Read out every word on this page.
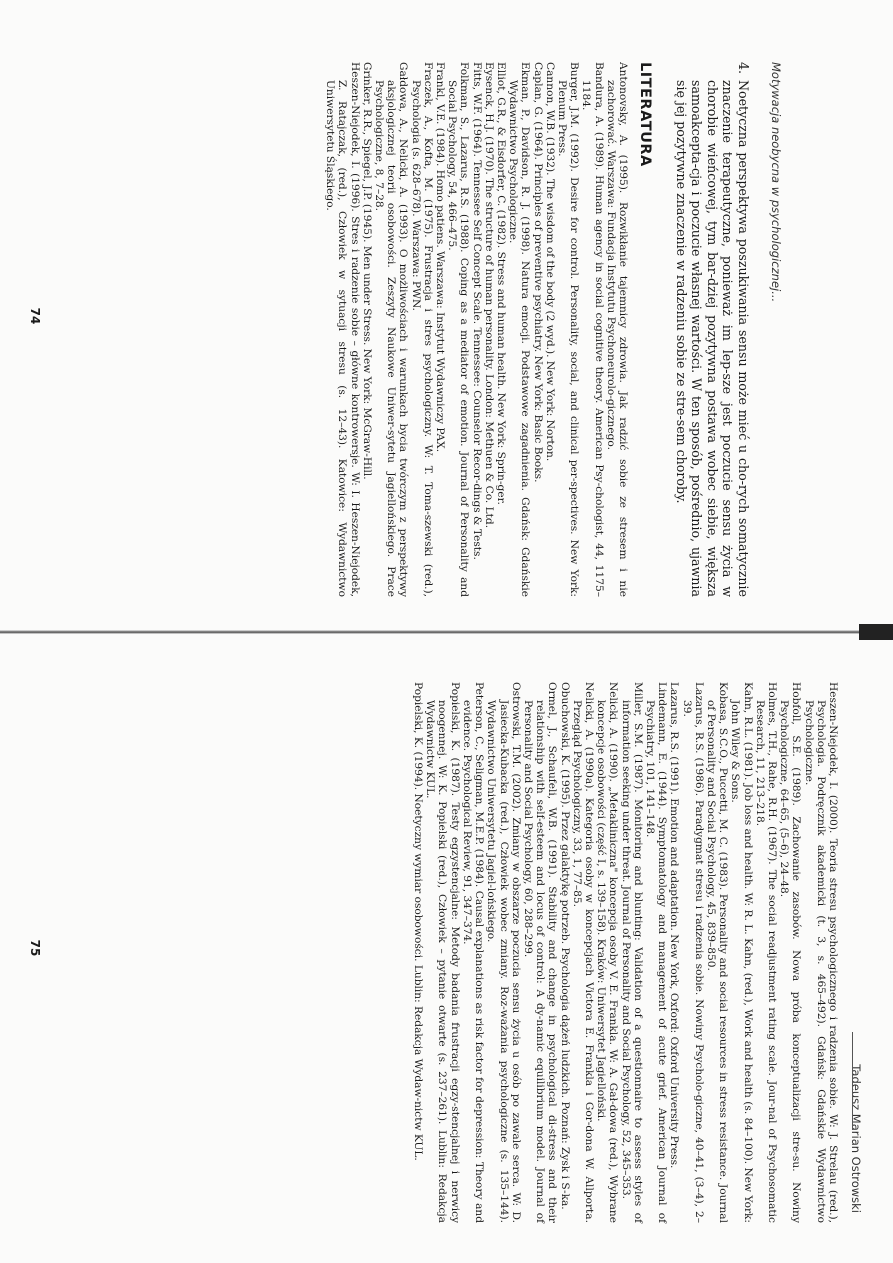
Motywacja neobycna w psychologicznej...
4.
Noetyczna perspektywa poszukiwania sensu może mieć u cho-rych somatycznie znaczenie terapeutyczne, ponieważ im lep-sze jest poczucie sensu życia w chorobie wieńcowej, tym bar-dziej pozytywna postawa wobec siebie, większa samoakcepta-cja i poczucie własnej wartości. W ten sposób, pośrednio, ujawnia się jej pozytywne znaczenie w radzeniu sobie ze stre-sem choroby.
LITERATURA

Antonovsky, A. (1995). Rozwikłanie tajemnicy zdrowia. Jak radzić sobie ze stresem i nie zachorować. Warszawa: Fundacja Instytutu Psychoneurolo-gicznego.

Bandura, A. (1989). Human agency in social cognitive theory. American Psy-chologist, 44, 1175–1184.

Burger, J.M. (1992). Desire for control. Personality, social, and clinical per-spectives. New York: Plenum Press.

Cannon, W.B. (1932). The wisdom of the body (2 wyd.). New York: Norton.

Caplan, G. (1964). Principles of preventive psychiatry. New York: Basic Books.

Ekman, P., Davidson, R. J. (1998). Natura emocji. Podstawowe zagadnienia. Gdańsk: Gdańskie Wydawnictwo Psychologiczne.

Elliot, G.R., & Eisdorfer, C. (1982). Stress and human health. New York: Sprin-ger.

Eysenck, H.J. (1970). The structure of human personality. London: Methuen & Co. Ltd.

Fitts, W.F. (1964). Tennessee Self Concept Scale. Tennessee: Counselor Recor-dings & Tests.

Folkman, S., Lazarus, R.S. (1988). Coping as a mediator of emotion. Journal of Personality and Social Psychology, 54, 466–475.

Frankl, V.E. (1984). Homo patiens. Warszawa: Instytut Wydawniczy PAX.

Fraczek, A., Kofta, M. (1975). Frustracja i stres psychologiczny. W: T. Toma-szewski (red.), Psychologia (s. 628–678). Warszawa: PWN.

Gałdowa, A., Nelicki, A. (1993). O możliwościach i warunkach bycia twórczym z perspektywy aksjologicznej teorii osobowości. Zeszyty Naukowe Uniwer-sytetu Jagiellońskiego. Prace Psychologiczne, 8, 7–28.

Grinker, R.R., Spiegel, J.P. (1945). Men under Stress. New York: McGraw-Hill.

Heszen-Niejodek, I. (1996). Stres i radzenie sobie – główne kontrowersje. W: I. Heszen-Niejodek, Z. Ratajczak, (red.), Człowiek w sytuacji stresu (s. 12–43). Katowice: Wydawnictwo Uniwersytetu Śląskiego.

74
Tadeusz Marian Ostrowski

Heszen-Niejodek, I. (2000). Teoria stresu psychologicznego i radzenia sobie. W: J. Strelau (red.), Psychologia. Podręcznik akademicki (t. 3, s. 465–492). Gdańsk: Gdańskie Wydawnictwo Psychologiczne.

Hobfoll, S.E. (1989). Zachowanie zasobów. Nowa próba konceptualizacji stre-su. Nowiny Psychologiczne, 64–65, (5–6), 24–48.

Holmes, T.H., Rahe, R.H. (1967). The social readjustment rating scale. Jour-nal of Psychosomatic Research, 11, 213–218.

Kahn, R.L. (1981). Job loss and health. W: R. L. Kahn, (red.), Work and health (s. 84–100). New York: John Wiley & Sons.

Kobasa, S.C.O., Puccetti, M. C. (1983). Personality and social resources in stress resistance. Journal of Personality and Social Psychology, 45, 839–850.

Lazarus, R.S. (1986). Paradygmat stresu i radzenia sobie. Nowiny Psycholo-giczne, 40–41, (3–4), 2–39.

Lazarus, R.S. (1991). Emotion and adaptation. New York, Oxford: Oxford University Press.

Lindemann, E. (1944). Symptomatology and management of acute grief. American Journal of Psychiatry, 101, 141–148.

Miller, S.M. (1987). Monitoring and blunting: Validation of a questionnaire to assess styles of information seeking under threat. Journal of Personality and Social Psychology, 52, 345–353.

Nelicki, A. (1990). „Metakliniczna" koncepcja osoby V. E. Frankla. W: A. Gał-dowa (red.), Wybrane koncepcje osobowości (część I, s. 139–158). Kraków: Uniwersytet Jagielloński.

Nelicki, A. (1990a). Kategoria osoby w koncepcjach Victora E. Frankla i Gor-dona W. Allporta. Przegląd Psychologiczny, 33, 1, 77–85.

Obuchowski, K. (1995). Przez galaktykę potrzeb. Psychologia dążeń ludzkich. Poznań: Zysk i S-ka.

Ormel, J., Schaufeli, W.B. (1991). Stability and change in psychological di-stress and their relationship with self-esteem and locus of control: A dy-namic equilibrium model. Journal of Personality and Social Psychology, 60, 288–299.

Ostrowski, T.M. (2002). Zmiany w obszarze poczucia sensu życia u osób po zawale serca. W: D. Jasiecka-Kubacka (red.), Człowiek wobec zmiany. Roz-ważania psychologiczne (s. 135–144). Wydawnictwo Uniwersytetu Jagiel-lońskiego.

Peterson, C., Seligman, M.E.P. (1984). Causal explanations as risk factor for depression: Theory and evidence. Psychological Review, 91, 347–374.

Popielski, K. (1987). Testy egzystencjalne: Metody badania frustracji egzy-stencjalnej i nerwicy noogennej. W: K. Popielski (red.), Człowiek – pytanie otwarte (s. 237–261). Lublin: Redakcja Wydawnictw KUL.

Popielski, K. (1994). Noetyczny wymiar osobowości. Lublin: Redakcja Wydaw-nictw KUL.

75
